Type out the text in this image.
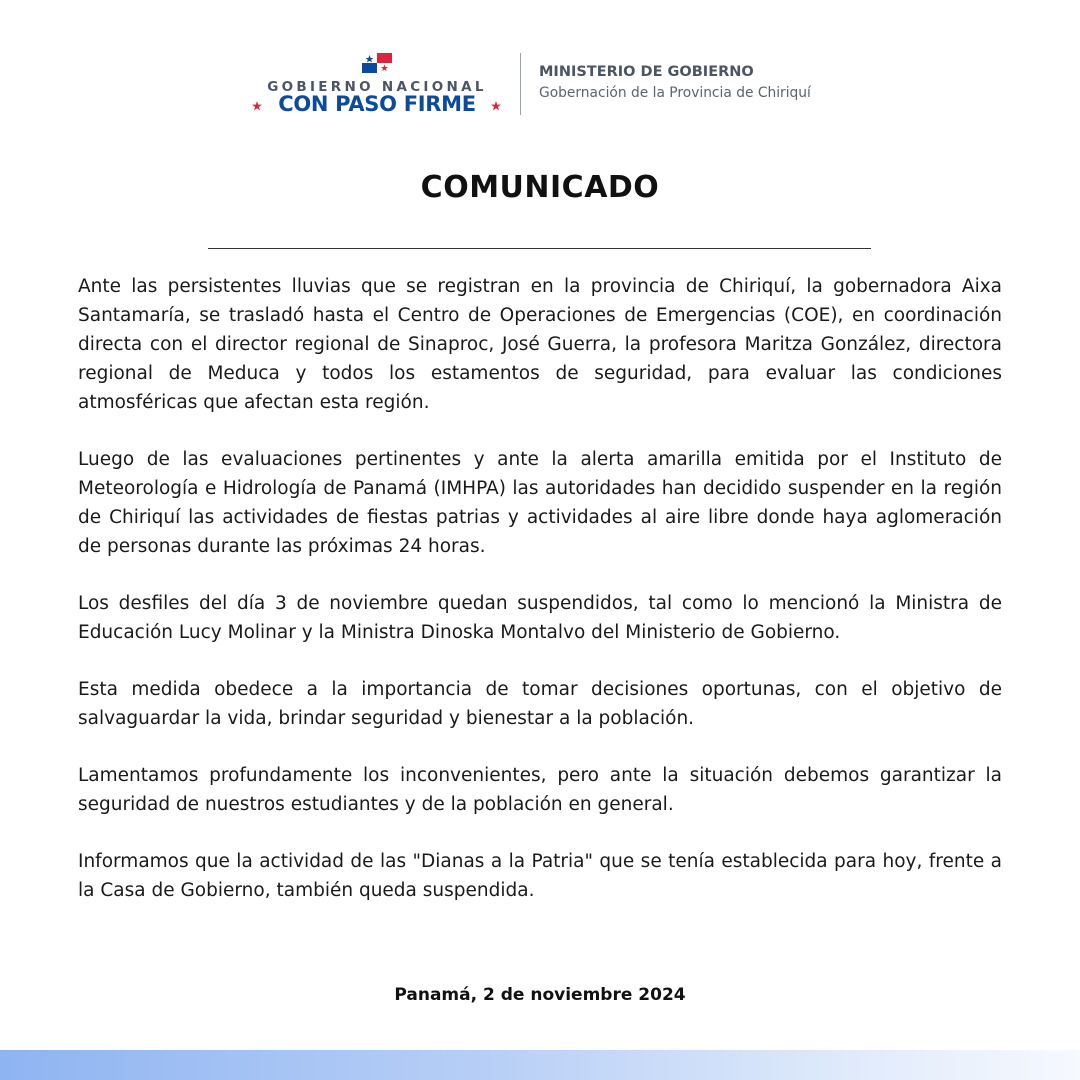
GOBIERNO NACIONAL
CON PASO FIRME
MINISTERIO DE GOBIERNO
Gobernación de la Provincia de Chiriquí
COMUNICADO

Ante las persistentes lluvias que se registran en la provincia de Chiriquí, la gobernadora Aixa Santamaría, se trasladó hasta el Centro de Operaciones de Emergencias (COE), en coordinación directa con el director regional de Sinaproc, José Guerra, la profesora Maritza González, directora regional de Meduca y todos los estamentos de seguridad, para evaluar las condiciones atmosféricas que afectan esta región.

Luego de las evaluaciones pertinentes y ante la alerta amarilla emitida por el Instituto de Meteorología e Hidrología de Panamá (IMHPA) las autoridades han decidido suspender en la región de Chiriquí las actividades de fiestas patrias y actividades al aire libre donde haya aglomeración de personas durante las próximas 24 horas.

Los desfiles del día 3 de noviembre quedan suspendidos, tal como lo mencionó la Ministra de Educación Lucy Molinar y la Ministra Dinoska Montalvo del Ministerio de Gobierno.

Esta medida obedece a la importancia de tomar decisiones oportunas, con el objetivo de salvaguardar la vida, brindar seguridad y bienestar a la población.

Lamentamos profundamente los inconvenientes, pero ante la situación debemos garantizar la seguridad de nuestros estudiantes y de la población en general.

Informamos que la actividad de las "Dianas a la Patria" que se tenía establecida para hoy, frente a la Casa de Gobierno, también queda suspendida.

Panamá, 2 de noviembre 2024
